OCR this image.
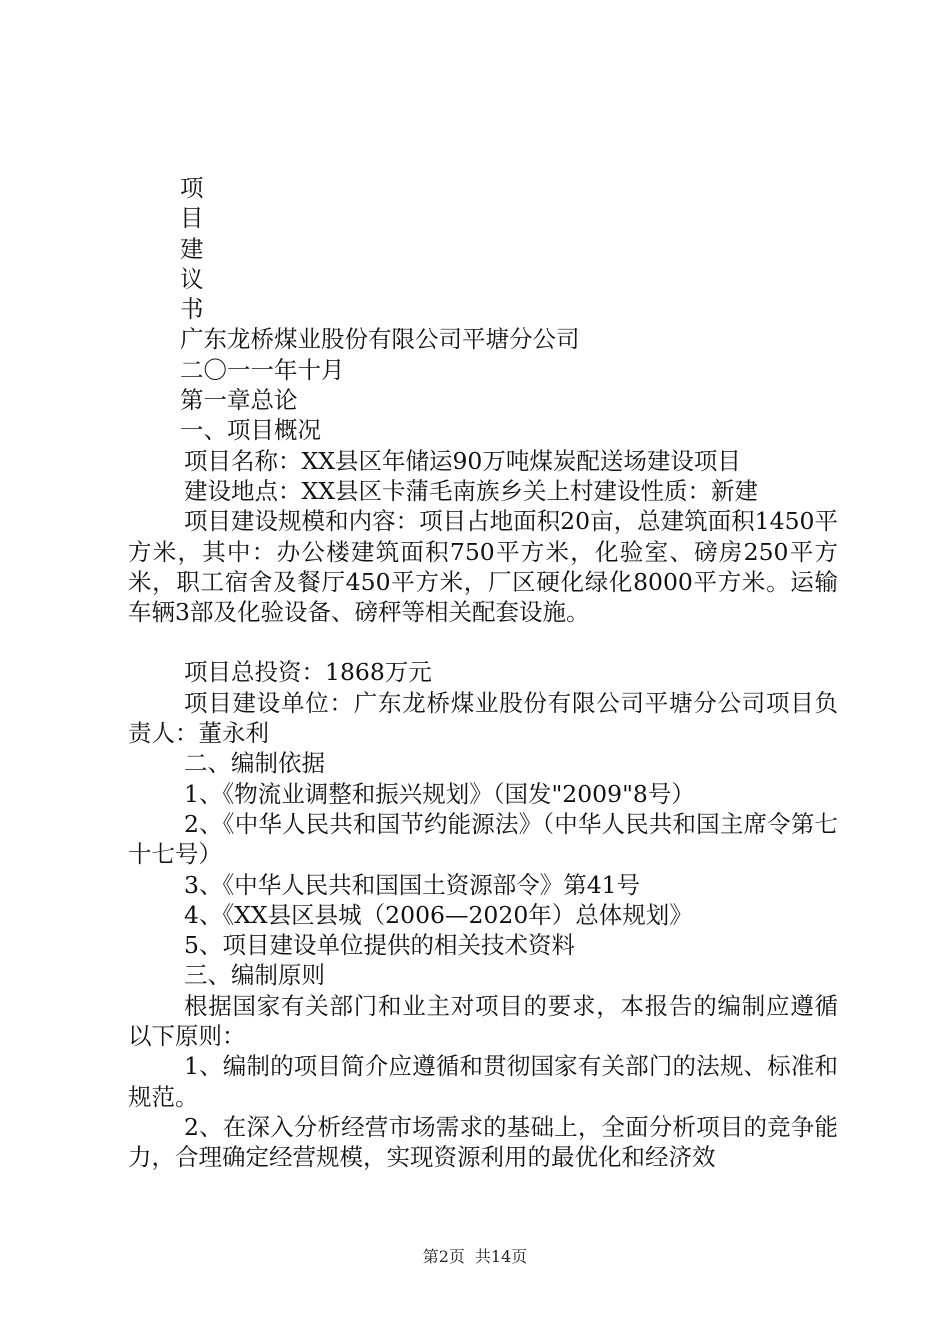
项
目
建
议
书
广东龙桥煤业股份有限公司平塘分公司
二〇一一年十月
第一章总论
一、项目概况
项目名称：XX县区年储运90万吨煤炭配送场建设项目
建设地点：XX县区卡蒲毛南族乡关上村建设性质：新建
项目建设规模和内容：项目占地面积20亩，总建筑面积1450平方米，其中：办公楼建筑面积750平方米，化验室、磅房250平方米，职工宿舍及餐厅450平方米，厂区硬化绿化8000平方米。运输车辆3部及化验设备、磅秤等相关配套设施。
项目总投资：1868万元
项目建设单位：广东龙桥煤业股份有限公司平塘分公司项目负责人：董永利
二、编制依据
1、《物流业调整和振兴规划》（国发"2009"8号）
2、《中华人民共和国节约能源法》（中华人民共和国主席令第七十七号）
3、《中华人民共和国国土资源部令》第41号
4、《XX县区县城（2006—2020年）总体规划》
5、项目建设单位提供的相关技术资料
三、编制原则
根据国家有关部门和业主对项目的要求，本报告的编制应遵循以下原则：
1、编制的项目简介应遵循和贯彻国家有关部门的法规、标准和规范。
2、在深入分析经营市场需求的基础上，全面分析项目的竞争能力，合理确定经营规模，实现资源利用的最优化和经济效
第2页 共14页
